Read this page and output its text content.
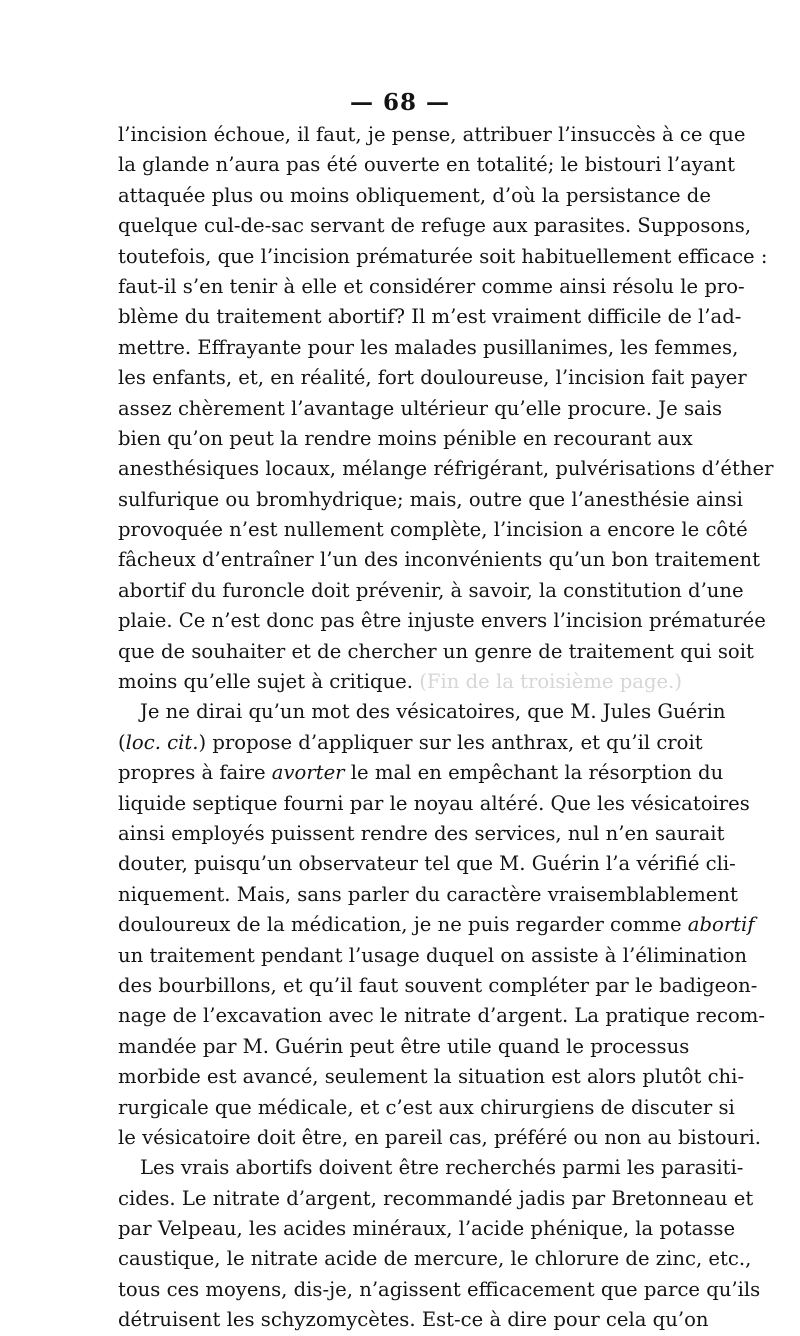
— 68 —
l’incision échoue, il faut, je pense, attribuer l’insuccès à ce que
la glande n’aura pas été ouverte en totalité; le bistouri l’ayant
attaquée plus ou moins obliquement, d’où la persistance de
quelque cul-de-sac servant de refuge aux parasites. Supposons,
toutefois, que l’incision prématurée soit habituellement efficace :
faut-il s’en tenir à elle et considérer comme ainsi résolu le pro-
blème du traitement abortif? Il m’est vraiment difficile de l’ad-
mettre. Effrayante pour les malades pusillanimes, les femmes,
les enfants, et, en réalité, fort douloureuse, l’incision fait payer
assez chèrement l’avantage ultérieur qu’elle procure. Je sais
bien qu’on peut la rendre moins pénible en recourant aux
anesthésiques locaux, mélange réfrigérant, pulvérisations d’éther
sulfurique ou bromhydrique; mais, outre que l’anesthésie ainsi
provoquée n’est nullement complète, l’incision a encore le côté
fâcheux d’entraîner l’un des inconvénients qu’un bon traitement
abortif du furoncle doit prévenir, à savoir, la constitution d’une
plaie. Ce n’est donc pas être injuste envers l’incision prématurée
que de souhaiter et de chercher un genre de traitement qui soit
moins qu’elle sujet à critique. (Fin de la troisième page.)
Je ne dirai qu’un mot des vésicatoires, que M. Jules Guérin
(loc. cit.) propose d’appliquer sur les anthrax, et qu’il croit
propres à faire avorter le mal en empêchant la résorption du
liquide septique fourni par le noyau altéré. Que les vésicatoires
ainsi employés puissent rendre des services, nul n’en saurait
douter, puisqu’un observateur tel que M. Guérin l’a vérifié cli-
niquement. Mais, sans parler du caractère vraisemblablement
douloureux de la médication, je ne puis regarder comme abortif
un traitement pendant l’usage duquel on assiste à l’élimination
des bourbillons, et qu’il faut souvent compléter par le badigeon-
nage de l’excavation avec le nitrate d’argent. La pratique recom-
mandée par M. Guérin peut être utile quand le processus
morbide est avancé, seulement la situation est alors plutôt chi-
rurgicale que médicale, et c’est aux chirurgiens de discuter si
le vésicatoire doit être, en pareil cas, préféré ou non au bistouri.
Les vrais abortifs doivent être recherchés parmi les parasiti-
cides. Le nitrate d’argent, recommandé jadis par Bretonneau et
par Velpeau, les acides minéraux, l’acide phénique, la potasse
caustique, le nitrate acide de mercure, le chlorure de zinc, etc.,
tous ces moyens, dis-je, n’agissent efficacement que parce qu’ils
détruisent les schyzomycètes. Est-ce à dire pour cela qu’on
